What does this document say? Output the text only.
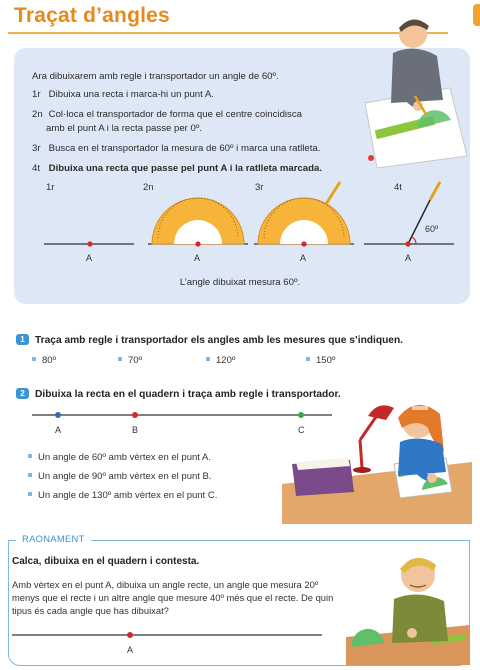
Traçat d’angles
Ara dibuixarem amb regle i transportador un angle de 60º.
1r Dibuixa una recta i marca-hi un punt A.
2n Col·loca el transportador de forma que el centre coincidisca
amb el punt A i la recta passe per 0º.
3r Busca en el transportador la mesura de 60º i marca una ratlleta.
4t Dibuixa una recta que passe pel punt A i la ratlleta marcada.
1r	2n	3r	4t
A	A	A
60º
A
L’angle dibuixat mesura 60º.
1 Traça amb regle i transportador els angles amb les mesures que s’indiquen.
80º	70º	120º	150º
2 Dibuixa la recta en el quadern i traça amb regle i transportador.
A	B	C
Un angle de 60º amb vèrtex en el punt A.
Un angle de 90º amb vèrtex en el punt B.
Un angle de 130º amb vèrtex en el punt C.
RAONAMENT
Calca, dibuixa en el quadern i contesta.
Amb vèrtex en el punt A, dibuixa un angle recte, un angle que mesura 20º menys que el recte i un altre angle que mesure 40º més que el recte. De quin tipus és cada angle que has dibuixat?
A
